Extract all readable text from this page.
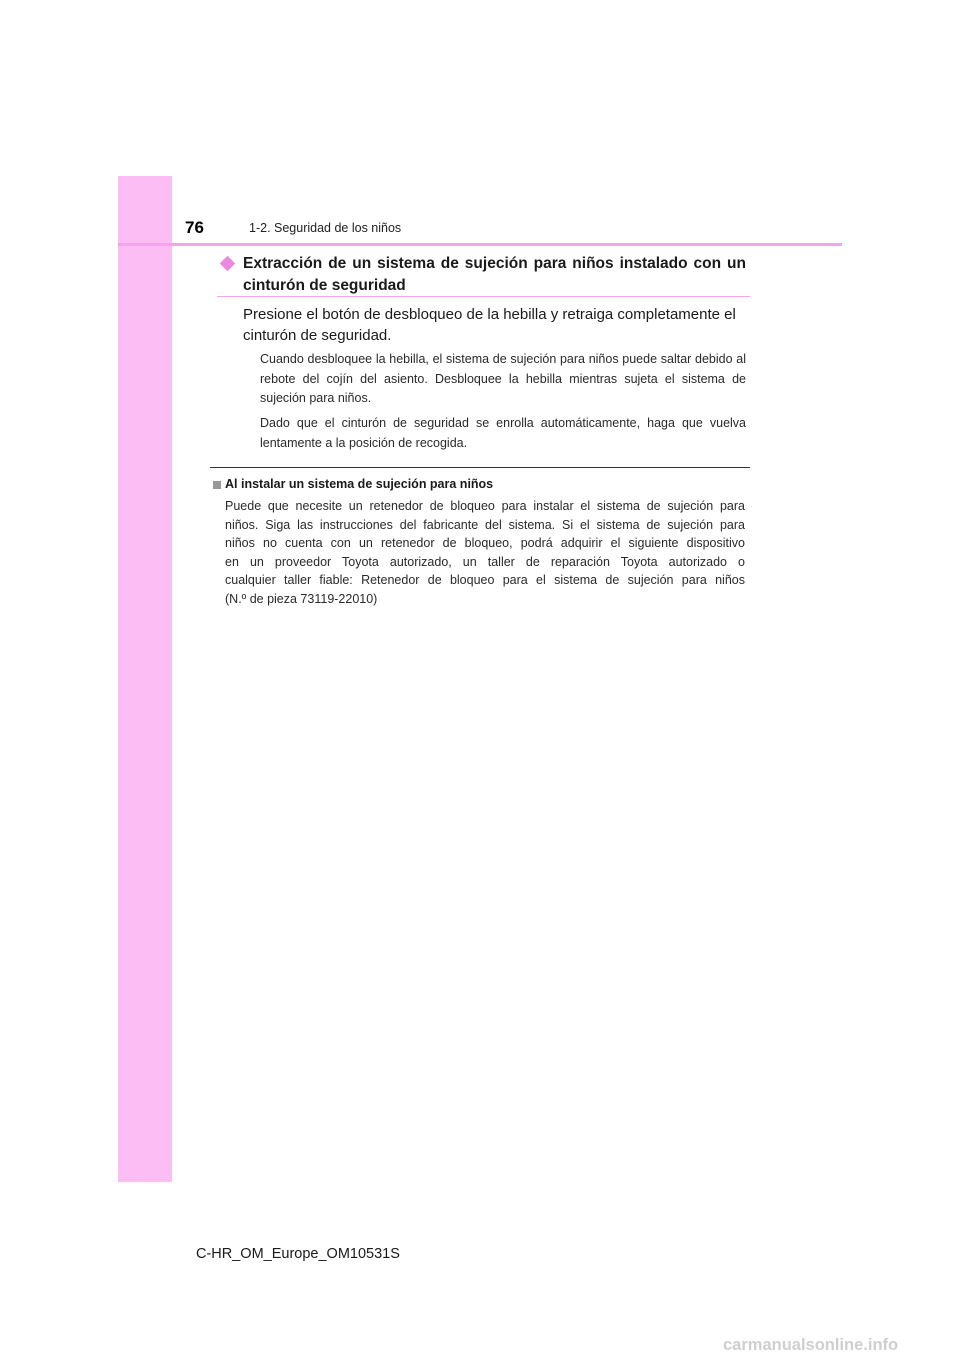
76	1-2. Seguridad de los niños
Extracción de un sistema de sujeción para niños instalado con un cinturón de seguridad
Presione el botón de desbloqueo de la hebilla y retraiga completamente el cinturón de seguridad.
Cuando desbloquee la hebilla, el sistema de sujeción para niños puede saltar debido al rebote del cojín del asiento. Desbloquee la hebilla mientras sujeta el sistema de sujeción para niños.
Dado que el cinturón de seguridad se enrolla automáticamente, haga que vuelva lentamente a la posición de recogida.
Al instalar un sistema de sujeción para niños
Puede que necesite un retenedor de bloqueo para instalar el sistema de sujeción para
niños. Siga las instrucciones del fabricante del sistema. Si el sistema de sujeción para
niños no cuenta con un retenedor de bloqueo, podrá adquirir el siguiente dispositivo
en un proveedor Toyota autorizado, un taller de reparación Toyota autorizado o
cualquier taller fiable: Retenedor de bloqueo para el sistema de sujeción para niños
(N.º de pieza 73119-22010)
C-HR_OM_Europe_OM10531S
carmanualsonline.info
